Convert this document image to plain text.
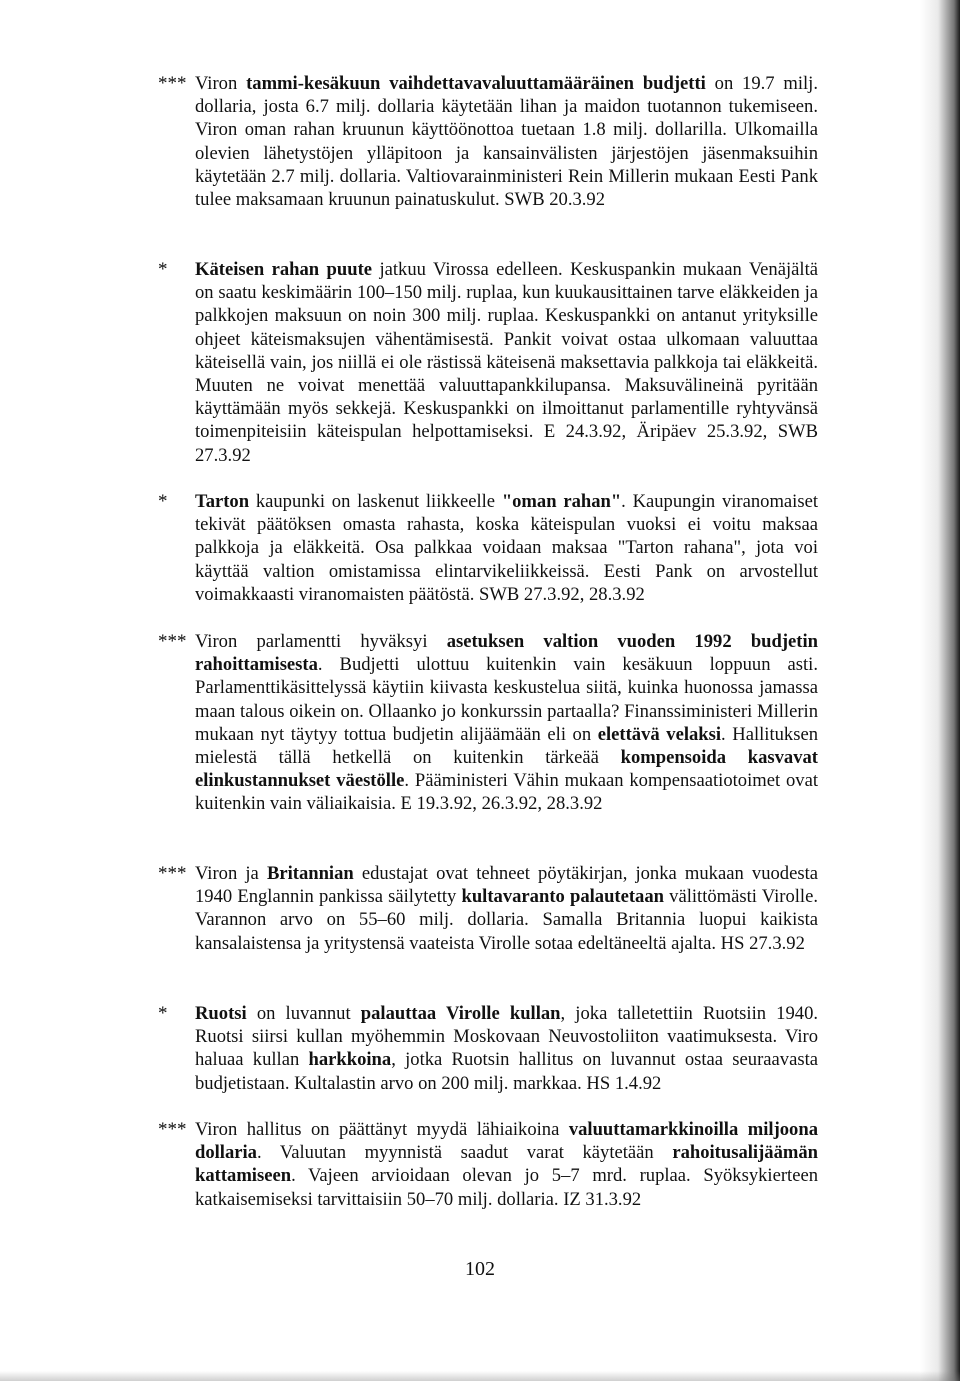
*** Viron tammi-kesäkuun vaihdettavavaluuttamääräinen budjetti on 19.7 milj. dollaria, josta 6.7 milj. dollaria käytetään lihan ja maidon tuotannon tukemiseen. Viron oman rahan kruunun käyttöönottoa tuetaan 1.8 milj. dollarilla. Ulkomailla olevien lähetystöjen ylläpitoon ja kansainvälisten järjestöjen jäsenmaksuihin käytetään 2.7 milj. dollaria. Valtiovarainministeri Rein Millerin mukaan Eesti Pank tulee maksamaan kruunun painatuskulut. SWB 20.3.92
*	Käteisen rahan puute jatkuu Virossa edelleen. Keskuspankin mukaan Venäjältä on saatu keskimäärin 100–150 milj. ruplaa, kun kuukausittainen tarve eläkkeiden ja palkkojen maksuun on noin 300 milj. ruplaa. Keskuspankki on antanut yrityksille ohjeet käteismaksujen vähentämisestä. Pankit voivat ostaa ulkomaan valuuttaa käteisellä vain, jos niillä ei ole rästissä käteisenä maksettavia palkkoja tai eläkkeitä. Muuten ne voivat menettää valuuttapankkilupansa. Maksuvälineinä pyritään käyttämään myös sekkejä. Keskuspankki on ilmoittanut parlamentille ryhtyvänsä toimenpiteisiin käteispulan helpottamiseksi. E 24.3.92, Äripäev 25.3.92, SWB 27.3.92
*	Tarton kaupunki on laskenut liikkeelle "oman rahan". Kaupungin viranomaiset tekivät päätöksen omasta rahasta, koska käteispulan vuoksi ei voitu maksaa palkkoja ja eläkkeitä. Osa palkkaa voidaan maksaa "Tarton rahana", jota voi käyttää valtion omistamissa elintarvikeliikkeissä. Eesti Pank on arvostellut voimakkaasti viranomaisten päätöstä. SWB 27.3.92, 28.3.92
*** Viron parlamentti hyväksyi asetuksen valtion vuoden 1992 budjetin rahoittamisesta. Budjetti ulottuu kuitenkin vain kesäkuun loppuun asti. Parlamenttikäsittelyssä käytiin kiivasta keskustelua siitä, kuinka huonossa jamassa maan talous oikein on. Ollaanko jo konkurssin partaalla? Finanssiministeri Millerin mukaan nyt täytyy tottua budjetin alijäämään eli on elettävä velaksi. Hallituksen mielestä tällä hetkellä on kuitenkin tärkeää kompensoida kasvavat elinkustannukset väestölle. Pääministeri Vähin mukaan kompensaatiotoimet ovat kuitenkin vain väliaikaisia. E 19.3.92, 26.3.92, 28.3.92
*** Viron ja Britannian edustajat ovat tehneet pöytäkirjan, jonka mukaan vuodesta 1940 Englannin pankissa säilytetty kultavaranto palautetaan välittömästi Virolle. Varannon arvo on 55–60 milj. dollaria. Samalla Britannia luopui kaikista kansalaistensa ja yritystensä vaateista Virolle sotaa edeltäneeltä ajalta. HS 27.3.92
*	Ruotsi on luvannut palauttaa Virolle kullan, joka talletettiin Ruotsiin 1940. Ruotsi siirsi kullan myöhemmin Moskovaan Neuvostoliiton vaatimuksesta. Viro haluaa kullan harkkoina, jotka Ruotsin hallitus on luvannut ostaa seuraavasta budjetistaan. Kultalastin arvo on 200 milj. markkaa. HS 1.4.92
*** Viron hallitus on päättänyt myydä lähiaikoina valuuttamarkkinoilla miljoona dollaria. Valuutan myynnistä saadut varat käytetään rahoitusalijäämän kattamiseen. Vajeen arvioidaan olevan jo 5–7 mrd. ruplaa. Syöksykierteen katkaisemiseksi tarvittaisiin 50–70 milj. dollaria. IZ 31.3.92
102
